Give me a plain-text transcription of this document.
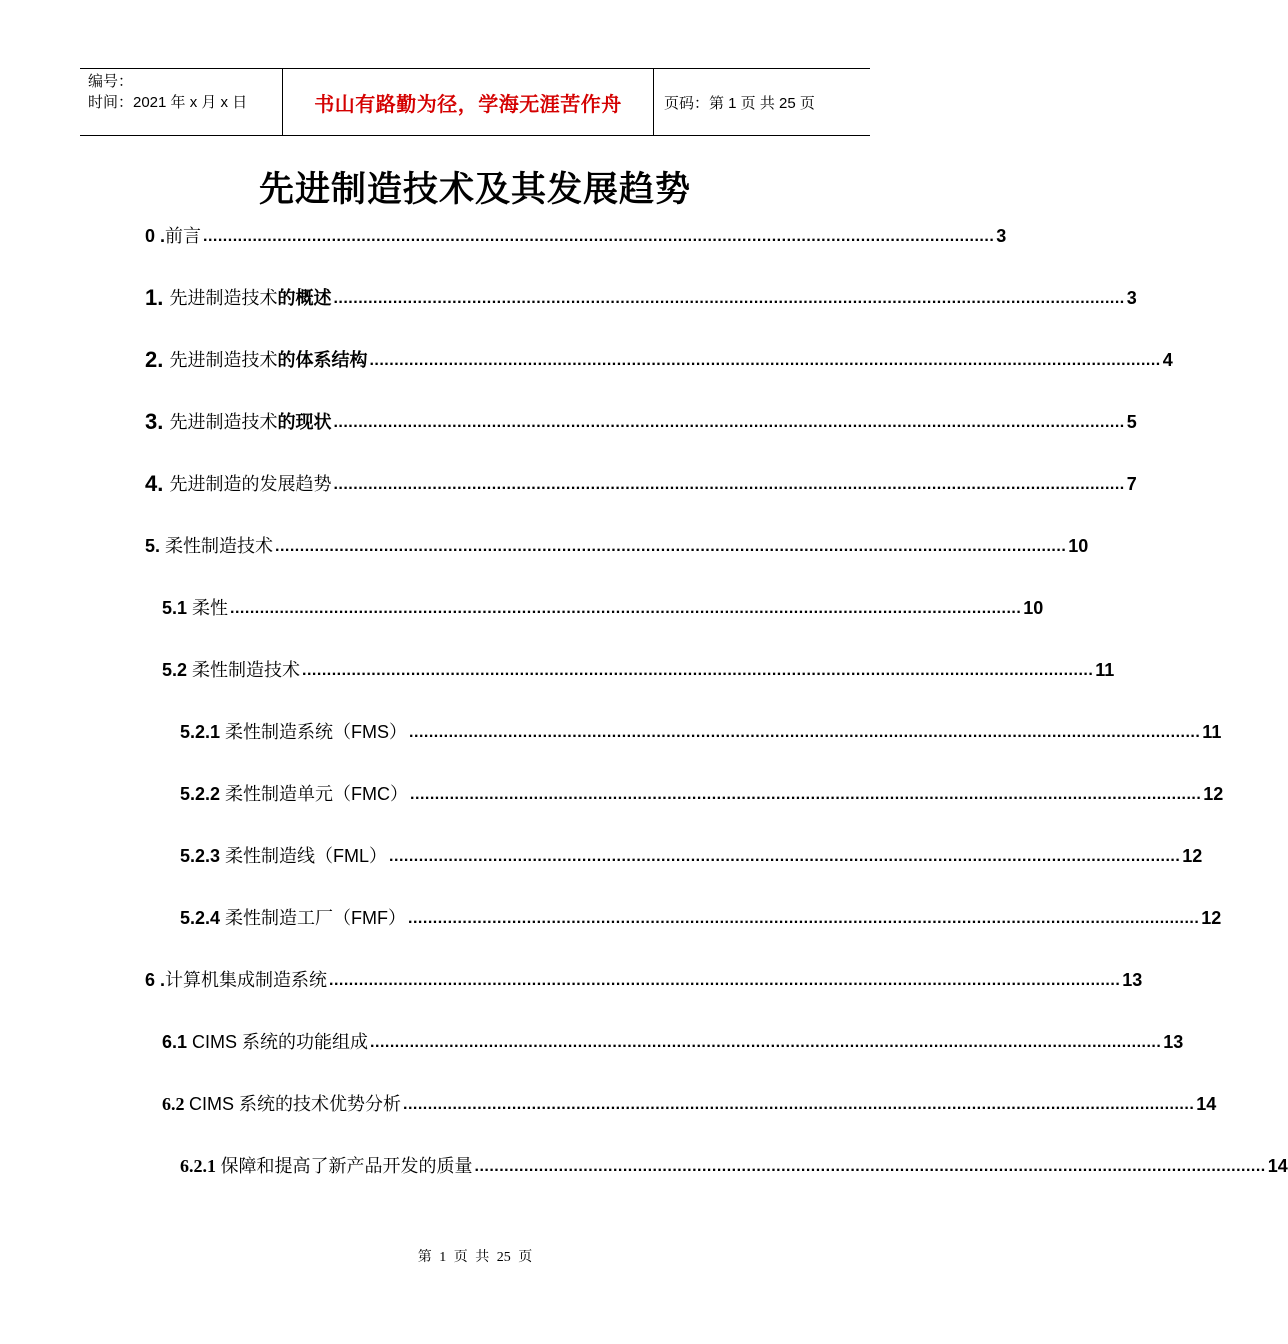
编号：
时间：2021 年 x 月 x 日	书山有路勤为径，学海无涯苦作舟	页码：第 1 页 共 25 页
先进制造技术及其发展趋势
0 . 前言 ................................................................................................................................................................ 3
1. 先进制造技术 的概述 ................................................................................................................................................................ 3
2. 先进制造技术 的体系结构 ................................................................................................................................................................ 4
3. 先进制造技术 的现状 ................................................................................................................................................................ 5
4. 先进制造的发展趋势 ................................................................................................................................................................ 7
5. 柔性制造技术 ................................................................................................................................................................ 10
5.1 柔性 ................................................................................................................................................................ 10
5.2 柔性制造技术 ................................................................................................................................................................ 11
5.2.1 柔性制造系统（FMS） ................................................................................................................................................................ 11
5.2.2 柔性制造单元（FMC） ................................................................................................................................................................ 12
5.2.3 柔性制造线（FML） ................................................................................................................................................................ 12
5.2.4 柔性制造工厂（FMF） ................................................................................................................................................................ 12
6 . 计算机集成制造系统 ................................................................................................................................................................ 13
6.1 CIMS 系统的功能组成 ................................................................................................................................................................ 13
6.2 CIMS 系统的技术优势分析 ................................................................................................................................................................ 14
6.2.1 保障和提高了新产品开发的质量 ................................................................................................................................................................ 14
第 1 页 共 25 页
